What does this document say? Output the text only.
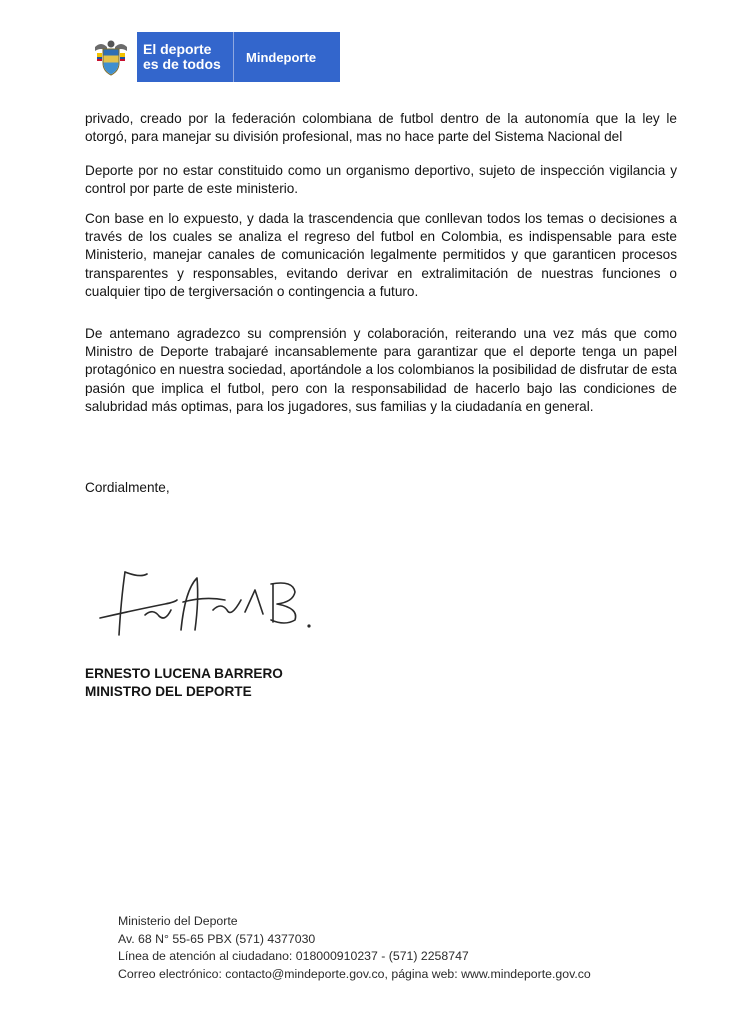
El deporte
es de todos	Mindeporte

privado, creado por la federación colombiana de futbol dentro de la autonomía que la ley le otorgó, para manejar su división profesional, mas no hace parte del Sistema Nacional del

Deporte por no estar constituido como un organismo deportivo, sujeto de inspección vigilancia y control por parte de este ministerio.

Con base en lo expuesto, y dada la trascendencia que conllevan todos los temas o decisiones a través de los cuales se analiza el regreso del futbol en Colombia, es indispensable para este Ministerio, manejar canales de comunicación legalmente permitidos y que garanticen procesos transparentes y responsables, evitando derivar en extralimitación de nuestras funciones o cualquier tipo de tergiversación o contingencia a futuro.

De antemano agradezco su comprensión y colaboración, reiterando una vez más que como Ministro de Deporte trabajaré incansablemente para garantizar que el deporte tenga un papel protagónico en nuestra sociedad, aportándole a los colombianos la posibilidad de disfrutar de esta pasión que implica el futbol, pero con la responsabilidad de hacerlo bajo las condiciones de salubridad más optimas, para los jugadores, sus familias y la ciudadanía en general.

Cordialmente,
ERNESTO LUCENA BARRERO
MINISTRO DEL DEPORTE
Ministerio del Deporte
Av. 68 N° 55-65 PBX (571) 4377030
Línea de atención al ciudadano: 018000910237 - (571) 2258747
Correo electrónico: contacto@mindeporte.gov.co, página web: www.mindeporte.gov.co
